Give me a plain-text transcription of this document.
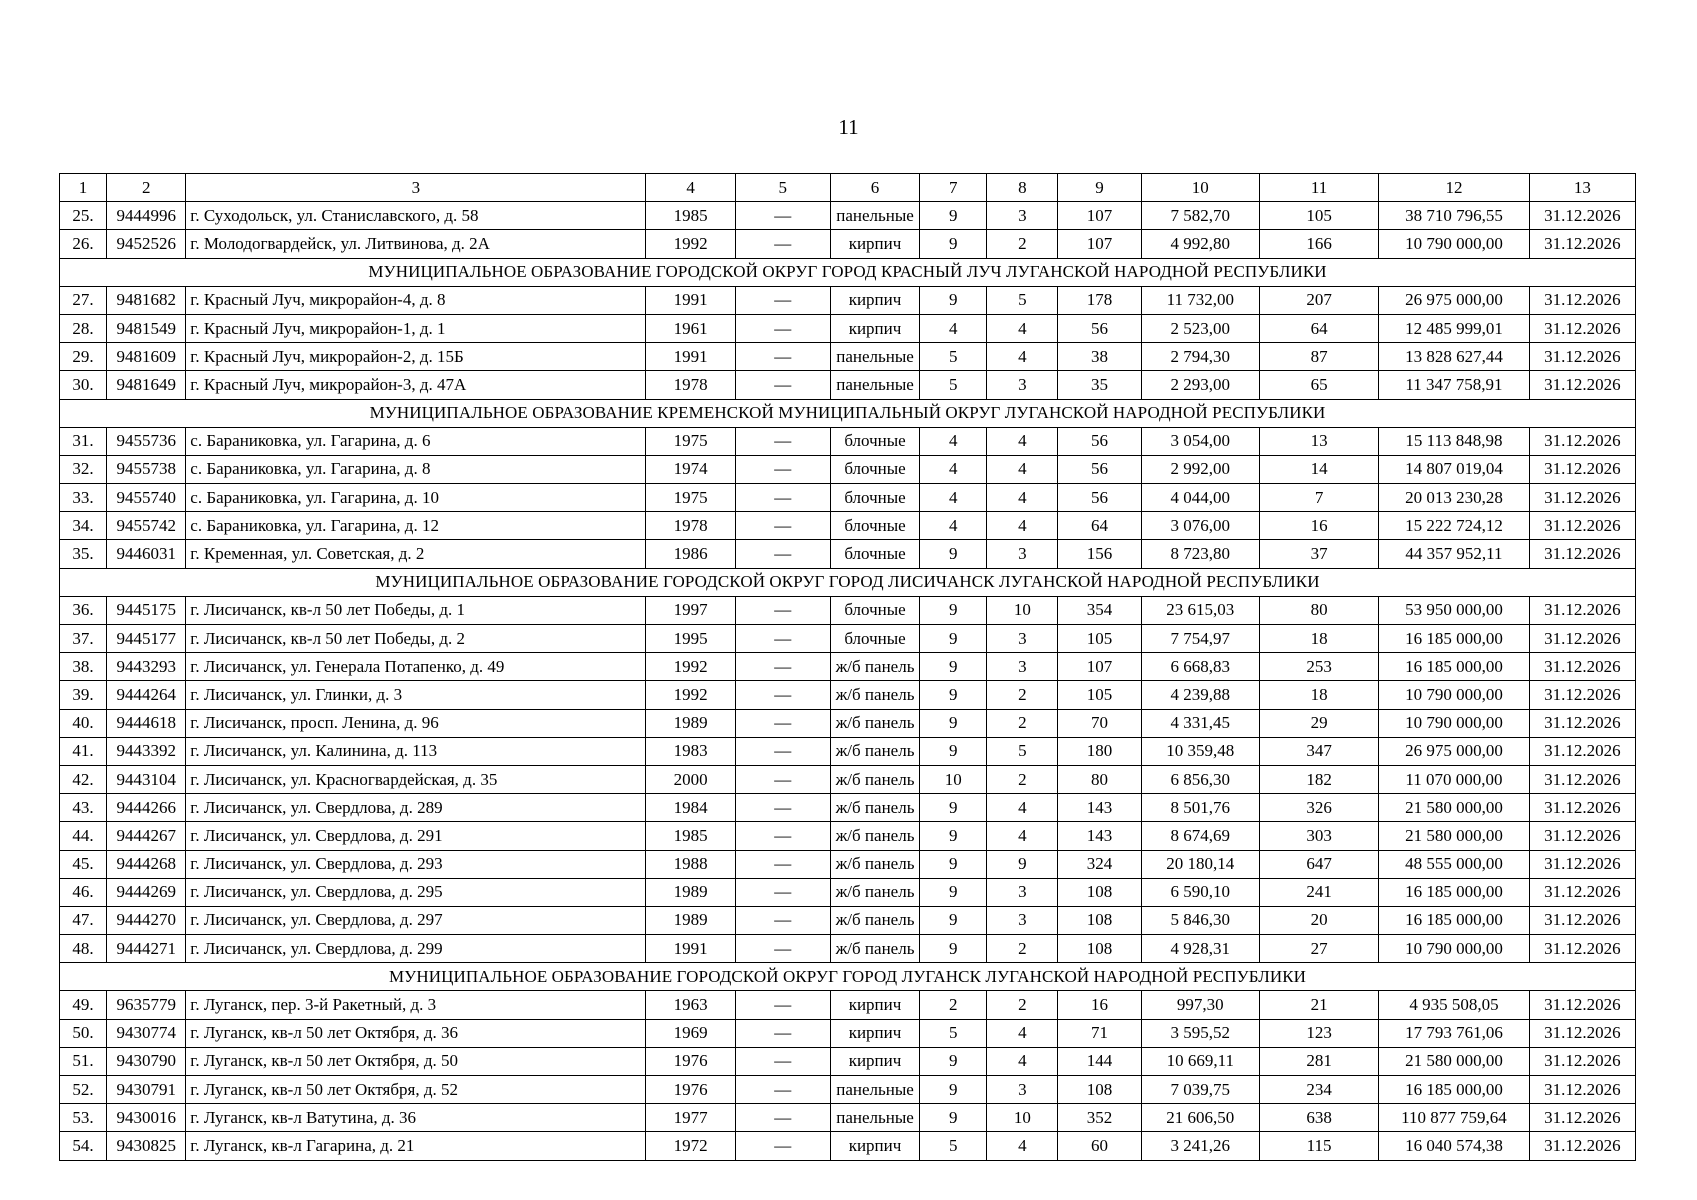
11
1	2	3	4	5	6	7	8	9	10	11	12	13
25.	9444996	г. Суходольск, ул. Станиславского, д. 58	1985	—	панельные	9	3	107	7 582,70	105	38 710 796,55	31.12.2026
26.	9452526	г. Молодогвардейск, ул. Литвинова, д. 2А	1992	—	кирпич	9	2	107	4 992,80	166	10 790 000,00	31.12.2026
МУНИЦИПАЛЬНОЕ ОБРАЗОВАНИЕ ГОРОДСКОЙ ОКРУГ ГОРОД КРАСНЫЙ ЛУЧ ЛУГАНСКОЙ НАРОДНОЙ РЕСПУБЛИКИ												
27.	9481682	г. Красный Луч, микрорайон-4, д. 8	1991	—	кирпич	9	5	178	11 732,00	207	26 975 000,00	31.12.2026
28.	9481549	г. Красный Луч, микрорайон-1, д. 1	1961	—	кирпич	4	4	56	2 523,00	64	12 485 999,01	31.12.2026
29.	9481609	г. Красный Луч, микрорайон-2, д. 15Б	1991	—	панельные	5	4	38	2 794,30	87	13 828 627,44	31.12.2026
30.	9481649	г. Красный Луч, микрорайон-3, д. 47А	1978	—	панельные	5	3	35	2 293,00	65	11 347 758,91	31.12.2026
МУНИЦИПАЛЬНОЕ ОБРАЗОВАНИЕ КРЕМЕНСКОЙ МУНИЦИПАЛЬНЫЙ ОКРУГ ЛУГАНСКОЙ НАРОДНОЙ РЕСПУБЛИКИ												
31.	9455736	с. Бараниковка, ул. Гагарина, д. 6	1975	—	блочные	4	4	56	3 054,00	13	15 113 848,98	31.12.2026
32.	9455738	с. Бараниковка, ул. Гагарина, д. 8	1974	—	блочные	4	4	56	2 992,00	14	14 807 019,04	31.12.2026
33.	9455740	с. Бараниковка, ул. Гагарина, д. 10	1975	—	блочные	4	4	56	4 044,00	7	20 013 230,28	31.12.2026
34.	9455742	с. Бараниковка, ул. Гагарина, д. 12	1978	—	блочные	4	4	64	3 076,00	16	15 222 724,12	31.12.2026
35.	9446031	г. Кременная, ул. Советская, д. 2	1986	—	блочные	9	3	156	8 723,80	37	44 357 952,11	31.12.2026
МУНИЦИПАЛЬНОЕ ОБРАЗОВАНИЕ ГОРОДСКОЙ ОКРУГ ГОРОД ЛИСИЧАНСК ЛУГАНСКОЙ НАРОДНОЙ РЕСПУБЛИКИ												
36.	9445175	г. Лисичанск, кв-л 50 лет Победы, д. 1	1997	—	блочные	9	10	354	23 615,03	80	53 950 000,00	31.12.2026
37.	9445177	г. Лисичанск, кв-л 50 лет Победы, д. 2	1995	—	блочные	9	3	105	7 754,97	18	16 185 000,00	31.12.2026
38.	9443293	г. Лисичанск, ул. Генерала Потапенко, д. 49	1992	—	ж/б панель	9	3	107	6 668,83	253	16 185 000,00	31.12.2026
39.	9444264	г. Лисичанск, ул. Глинки, д. 3	1992	—	ж/б панель	9	2	105	4 239,88	18	10 790 000,00	31.12.2026
40.	9444618	г. Лисичанск, просп. Ленина, д. 96	1989	—	ж/б панель	9	2	70	4 331,45	29	10 790 000,00	31.12.2026
41.	9443392	г. Лисичанск, ул. Калинина, д. 113	1983	—	ж/б панель	9	5	180	10 359,48	347	26 975 000,00	31.12.2026
42.	9443104	г. Лисичанск, ул. Красногвардейская, д. 35	2000	—	ж/б панель	10	2	80	6 856,30	182	11 070 000,00	31.12.2026
43.	9444266	г. Лисичанск, ул. Свердлова, д. 289	1984	—	ж/б панель	9	4	143	8 501,76	326	21 580 000,00	31.12.2026
44.	9444267	г. Лисичанск, ул. Свердлова, д. 291	1985	—	ж/б панель	9	4	143	8 674,69	303	21 580 000,00	31.12.2026
45.	9444268	г. Лисичанск, ул. Свердлова, д. 293	1988	—	ж/б панель	9	9	324	20 180,14	647	48 555 000,00	31.12.2026
46.	9444269	г. Лисичанск, ул. Свердлова, д. 295	1989	—	ж/б панель	9	3	108	6 590,10	241	16 185 000,00	31.12.2026
47.	9444270	г. Лисичанск, ул. Свердлова, д. 297	1989	—	ж/б панель	9	3	108	5 846,30	20	16 185 000,00	31.12.2026
48.	9444271	г. Лисичанск, ул. Свердлова, д. 299	1991	—	ж/б панель	9	2	108	4 928,31	27	10 790 000,00	31.12.2026
МУНИЦИПАЛЬНОЕ ОБРАЗОВАНИЕ ГОРОДСКОЙ ОКРУГ ГОРОД ЛУГАНСК ЛУГАНСКОЙ НАРОДНОЙ РЕСПУБЛИКИ												
49.	9635779	г. Луганск, пер. 3-й Ракетный, д. 3	1963	—	кирпич	2	2	16	997,30	21	4 935 508,05	31.12.2026
50.	9430774	г. Луганск, кв-л 50 лет Октября, д. 36	1969	—	кирпич	5	4	71	3 595,52	123	17 793 761,06	31.12.2026
51.	9430790	г. Луганск, кв-л 50 лет Октября, д. 50	1976	—	кирпич	9	4	144	10 669,11	281	21 580 000,00	31.12.2026
52.	9430791	г. Луганск, кв-л 50 лет Октября, д. 52	1976	—	панельные	9	3	108	7 039,75	234	16 185 000,00	31.12.2026
53.	9430016	г. Луганск, кв-л Ватутина, д. 36	1977	—	панельные	9	10	352	21 606,50	638	110 877 759,64	31.12.2026
54.	9430825	г. Луганск, кв-л Гагарина, д. 21	1972	—	кирпич	5	4	60	3 241,26	115	16 040 574,38	31.12.2026
